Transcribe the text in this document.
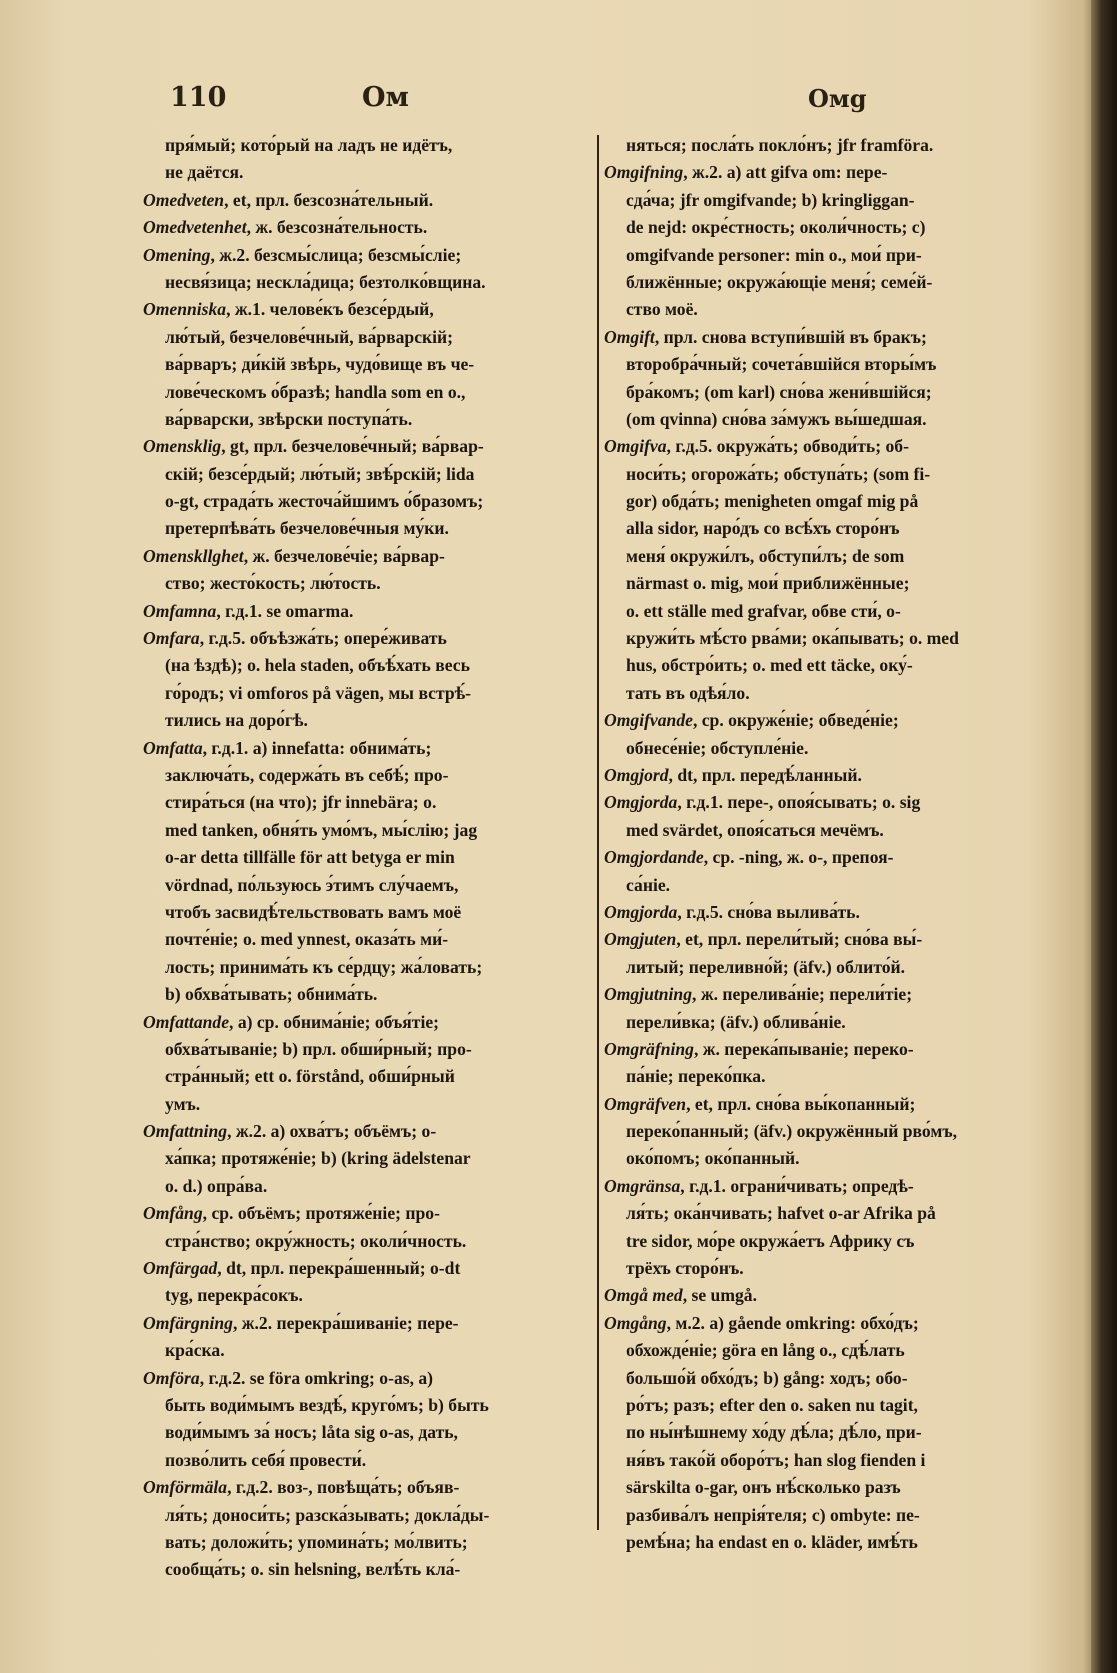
110	Ом	Омg
пря́мый; кото́рый на ладъ не идётъ,
не даётся.
Omedveten, et, прл. безсозна́тельный.
Omedvetenhet, ж. безсозна́тельность.
Omening, ж.2. безсмы́слица; безсмы́сліе;
несвя́зица; нескла́дица; безтолко́вщина.
Omenniska, ж.1. челове́къ безсе́рдый,
лю́тый, безчелове́чный, ва́рварскій;
ва́рваръ; ди́кій звѣрь, чудо́вище въ че-
лове́ческомъ о́бразѣ; handla som en o.,
ва́рварски, звѣрски поступа́ть.
Omensklig, gt, прл. безчелове́чный; ва́рвар-
скій; безсе́рдый; лю́тый; звѣ́рскій; lida
o-gt, страда́ть жесточа́йшимъ о́бразомъ;
претерпѣва́ть безчелове́чныя му́ки.
Omenskllghet, ж. безчелове́чіе; ва́рвар-
ство; жесто́кость; лю́тость.
Omfamna, г.д.1. se omarma.
Omfara, г.д.5. объѣзжа́ть; опере́живать
(на ѣздѣ); o. hela staden, объѣ́хать весь
го́родъ; vi omforos på vägen, мы встрѣ́-
тились на доро́гѣ.
Omfatta, г.д.1. a) innefatta: обнима́ть;
заключа́ть, содержа́ть въ себѣ́; про-
стира́ться (на что); jfr innebära; o.
med tanken, обня́ть умо́мъ, мы́слію; jag
o-ar detta tillfälle för att betyga er min
vördnad, по́льзуюсь э́тимъ слу́чаемъ,
чтобъ засвидѣ́тельствовать вамъ моё
почте́ніе; o. med ynnest, оказа́ть ми́-
лость; принима́ть къ се́рдцу; жа́ловать;
b) обхва́тывать; обнима́ть.
Omfattande, a) ср. обнима́ніе; объя́тіе;
обхва́тываніе; b) прл. обши́рный; про-
стра́нный; ett o. förstånd, обши́рный
умъ.
Omfattning, ж.2. a) охва́тъ; объёмъ; о-
ха́пка; протяже́ніе; b) (kring ädelstenar
o. d.) опра́ва.
Omfång, ср. объёмъ; протяже́ніе; про-
стра́нство; окру́жность; околи́чность.
Omfärgad, dt, прл. перекра́шенный; o-dt
tyg, перекра́сокъ.
Omfärgning, ж.2. перекра́шиваніе; пере-
кра́ска.
Omföra, г.д.2. se föra omkring; o-as, a)
быть води́мымъ вездѣ́, круго́мъ; b) быть
води́мымъ за́ носъ; låta sig o-as, дать,
позво́лить себя́ провести́.
Omförmäla, г.д.2. воз-, повѣща́ть; объяв-
ля́ть; доноси́ть; разска́зывать; докла́ды-
вать; доложи́ть; упомина́ть; мо́лвить;
сообща́ть; o. sin helsning, велѣ́ть кла́-
няться; посла́ть покло́нъ; jfr framföra.
Omgifning, ж.2. a) att gifva om: пере-
сда́ча; jfr omgifvande; b) kringliggan-
de nejd: окре́стность; околи́чность; c)
omgifvande personer: min o., мои́ при-
ближённые; окружа́ющіе меня́; семе́й-
ство моё.
Omgift, прл. снова вступи́вшій въ бракъ;
второбра́чный; сочета́вшійся вторы́мъ
бра́комъ; (om karl) сно́ва жени́вшійся;
(om qvinna) сно́ва за́мужъ вы́шедшая.
Omgifva, г.д.5. окружа́ть; обводи́ть; об-
носи́ть; огорожа́ть; обступа́ть; (som fi-
gor) обда́ть; menigheten omgaf mig på
alla sidor, наро́дъ со всѣ́хъ сторо́нъ
меня́ окружи́лъ, обступи́лъ; de som
närmast o. mig, мои́ приближённые;
o. ett ställe med grafvar, обве сти́, о-
кружи́ть мѣ́сто рва́ми; ока́пывать; o. med
hus, обстро́ить; o. med ett täcke, оку́-
тать въ одѣя́ло.
Omgifvande, ср. окруже́ніе; обведе́ніе;
обнесе́ніе; обступле́ніе.
Omgjord, dt, прл. передѣ́ланный.
Omgjorda, г.д.1. пере-, опоя́сывать; o. sig
med svärdet, опоя́саться мечёмъ.
Omgjordande, ср. -ning, ж. о-, препоя-
са́ніе.
Omgjorda, г.д.5. сно́ва вылива́ть.
Omgjuten, et, прл. перели́тый; сно́ва вы́-
литый; переливно́й; (äfv.) облито́й.
Omgjutning, ж. перелива́ніе; перели́тіе;
перели́вка; (äfv.) облива́ніе.
Omgräfning, ж. перека́пываніе; переко-
па́ніе; переко́пка.
Omgräfven, et, прл. сно́ва вы́копанный;
переко́панный; (äfv.) окружённый рво́мъ,
око́помъ; око́панный.
Omgränsa, г.д.1. ограни́чивать; опредѣ-
ля́ть; ока́нчивать; hafvet o-ar Afrika på
tre sidor, мо́ре окружа́етъ Африку съ
трёхъ сторо́нъ.
Omgå med, se umgå.
Omgång, м.2. a) gående omkring: обхо́дъ;
обхожде́ніе; göra en lång o., сдѣ́лать
большо́й обхо́дъ; b) gång: ходъ; обо-
ро́тъ; разъ; efter den o. saken nu tagit,
по ны́нѣшнему хо́ду дѣ́ла; дѣ́ло, при-
ня́въ тако́й оборо́тъ; han slog fienden i
särskilta o-gar, онъ нѣ́сколько разъ
разбива́лъ непрія́теля; c) ombyte: пе-
ремѣ́на; ha endast en o. kläder, имѣ́ть
